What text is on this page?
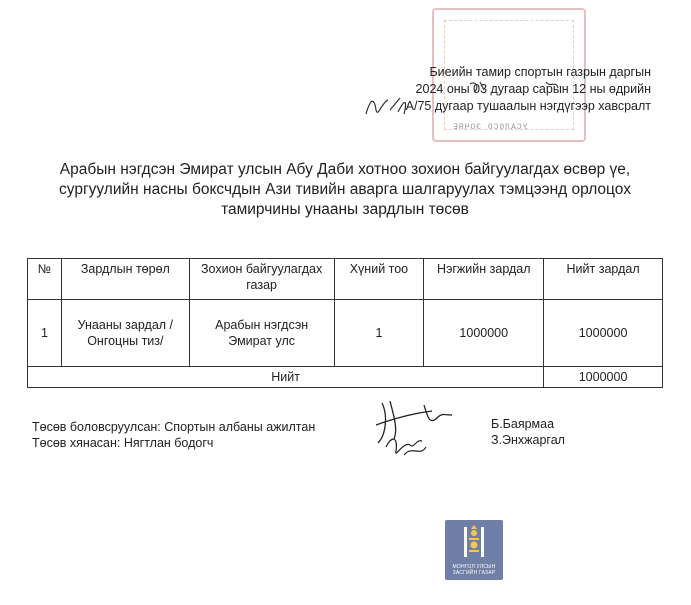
УСАЛ0СО ЭОЧЯЕ
Биеийн тамир спортын газрын даргын
2024 оны 03 дугаар сарын 12 ны өдрийн
A/75 дугаар тушаалын нэгдүгээр хавсралт
Арабын нэгдсэн Эмират улсын Абу Даби хотноо зохион байгуулагдах өсвөр үе,
сургуулийн насны боксчдын Ази тивийн аварга шалгаруулах тэмцээнд орлоцох
тамирчины унааны зардлын төсөв
№	Зардлын төрөл	Зохион байгуулагдах газар	Хүний тоо	Нэгжийн зардал	Нийт зардал
1	Унааны зардал /Онгоцны тиз/	Арабын нэгдсэн Эмират улс	1	1000000	1000000
Нийт					1000000
Төсөв боловсруулсан: Спортын албаны ажилтан
Төсөв хянасан: Нягтлан бодогч
Б.Баярмаа
З.Энхжаргал
МОНГОЛ УЛСЫН
ЗАСГИЙН ГАЗАР
